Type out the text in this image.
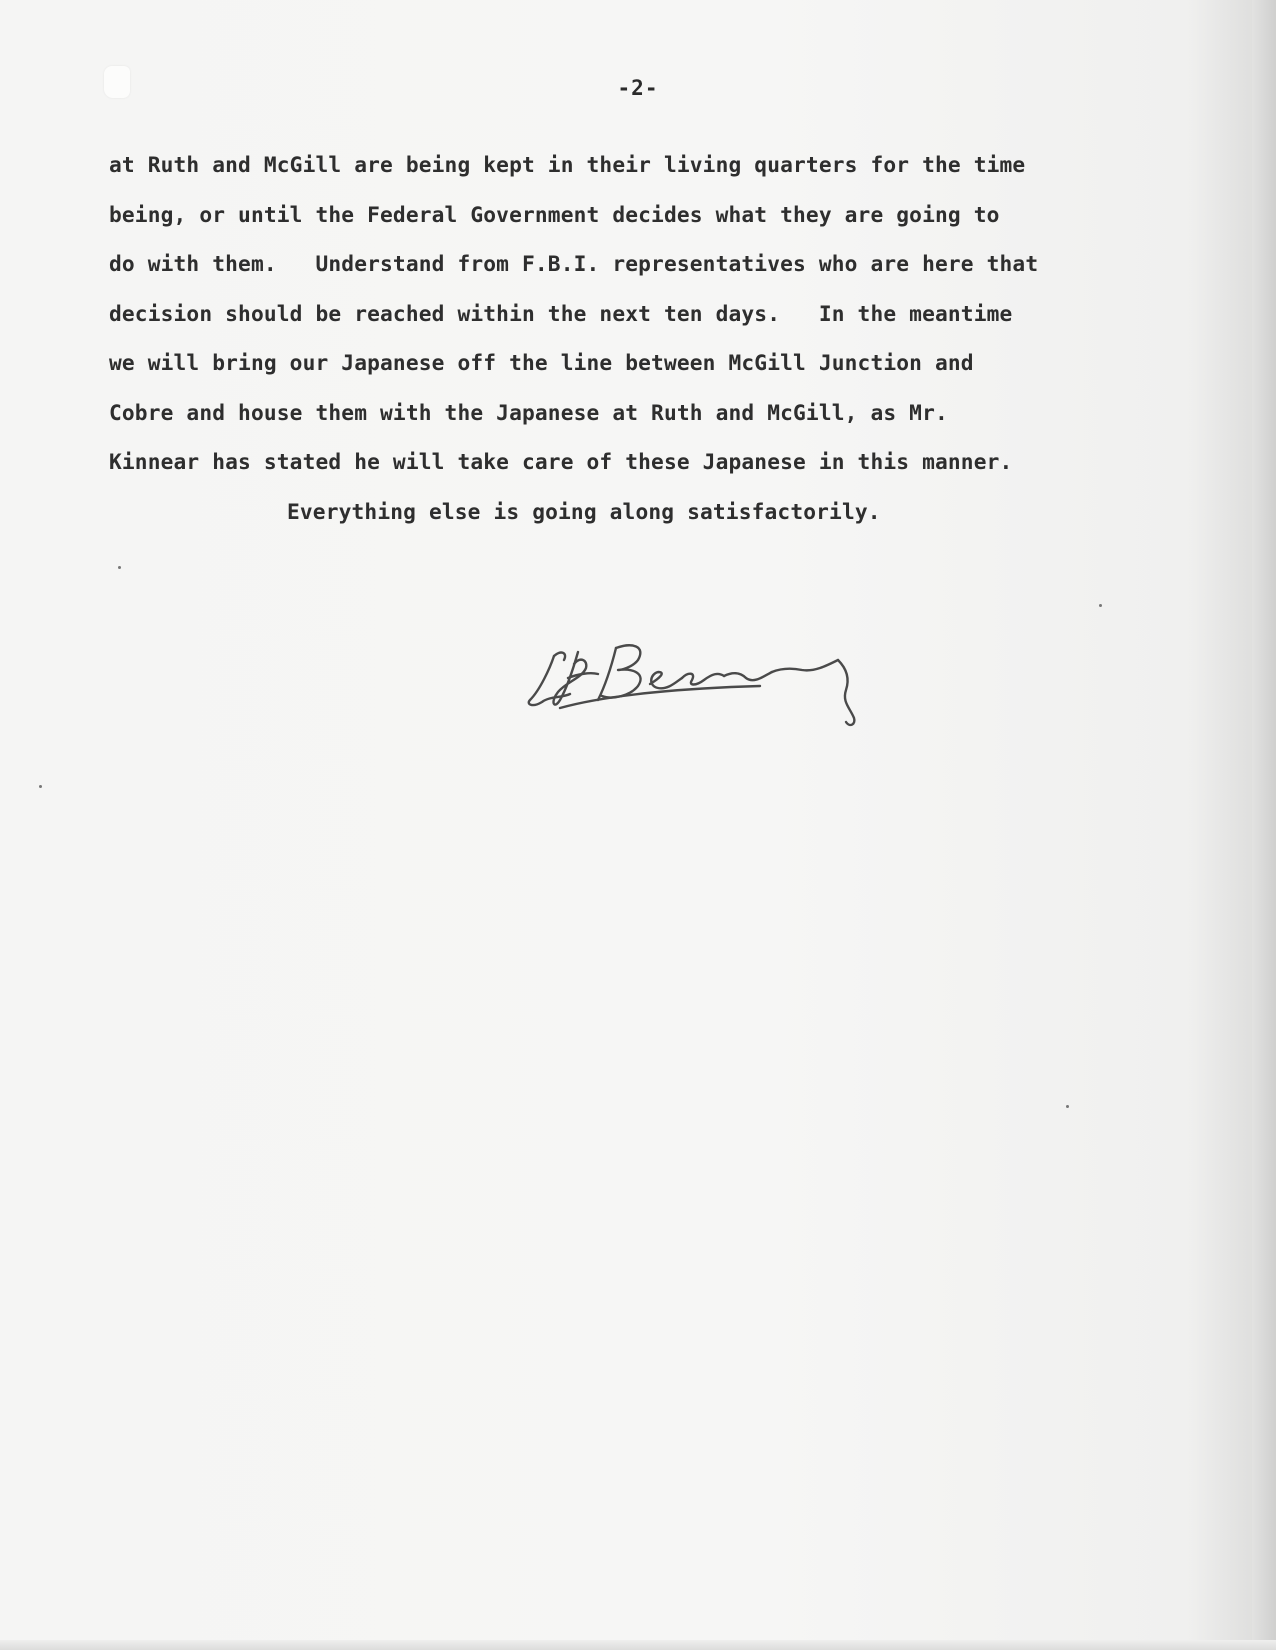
-2-
at Ruth and McGill are being kept in their living quarters for the time
being, or until the Federal Government decides what they are going to
do with them.   Understand from F.B.I. representatives who are here that
decision should be reached within the next ten days.   In the meantime
we will bring our Japanese off the line between McGill Junction and
Cobre and house them with the Japanese at Ruth and McGill, as Mr.
Kinnear has stated he will take care of these Japanese in this manner.
Everything else is going along satisfactorily.
